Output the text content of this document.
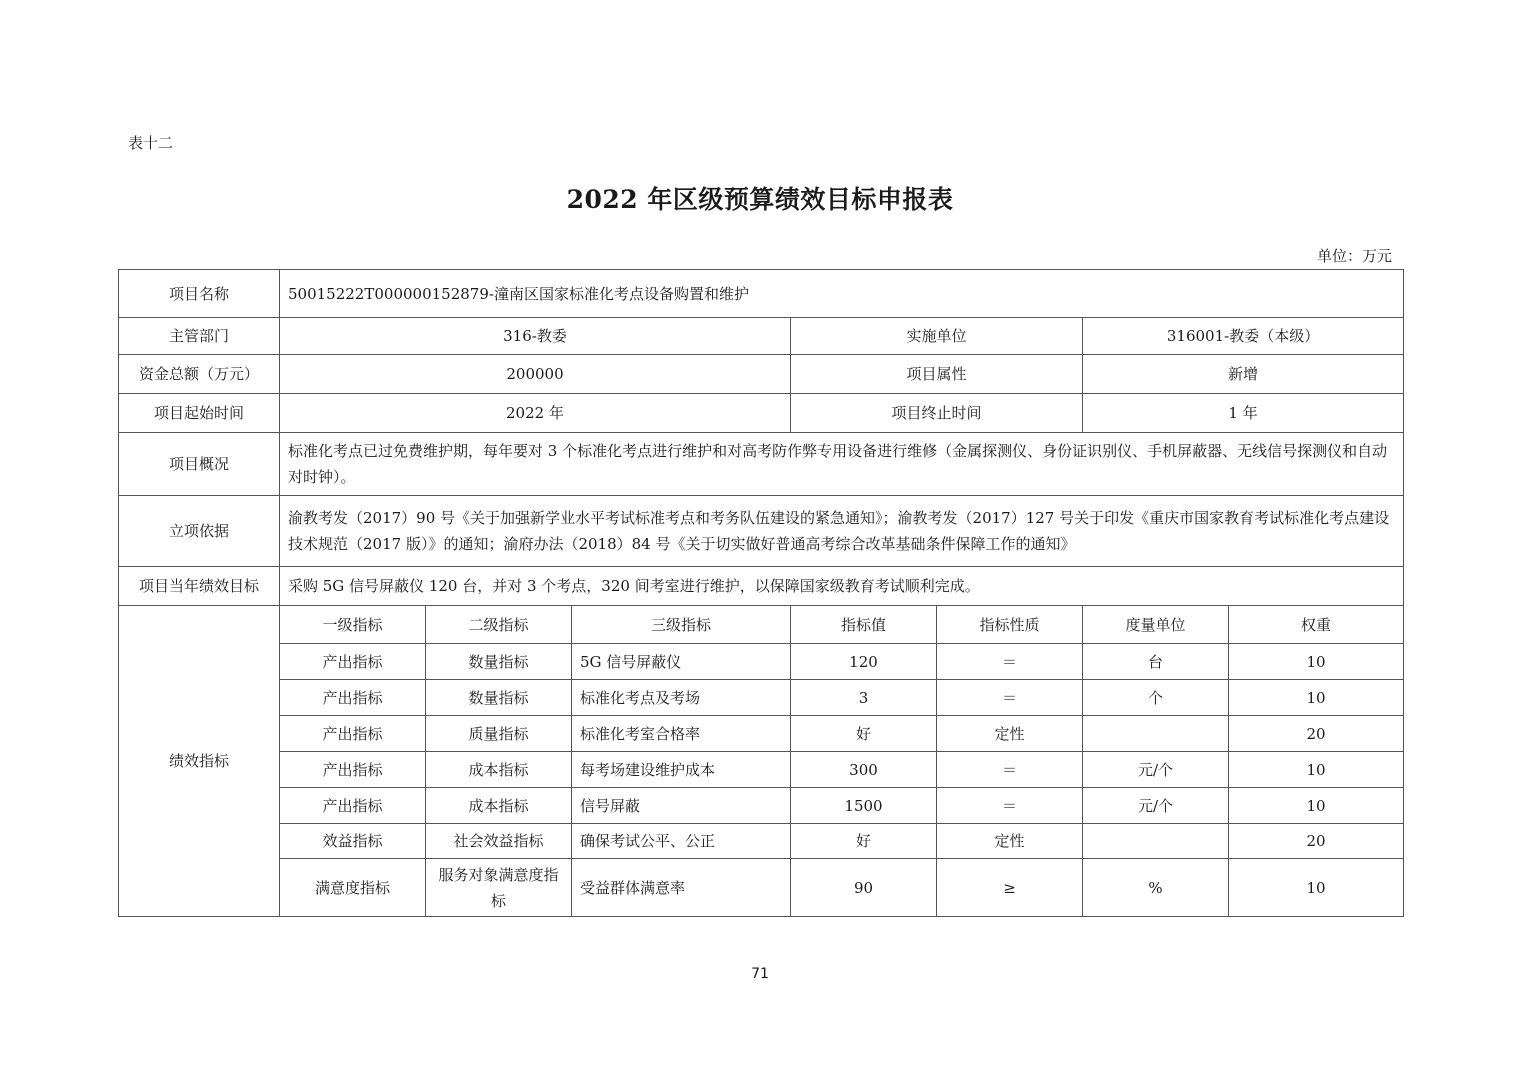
表十二
2022 年区级预算绩效目标申报表
单位：万元
项目名称	50015222T000000152879-潼南区国家标准化考点设备购置和维护						
主管部门	316-教委			实施单位		316001-教委（本级）	
资金总额（万元）	200000			项目属性		新增	
项目起始时间	2022 年			项目终止时间		1 年	
项目概况	标准化考点已过免费维护期，每年要对 3 个标准化考点进行维护和对高考防作弊专用设备进行维修（金属探测仪、身份证识别仪、手机屏蔽器、无线信号探测仪和自动对时钟）。						
立项依据	渝教考发（2017）90 号《关于加强新学业水平考试标准考点和考务队伍建设的紧急通知》；渝教考发（2017）127 号关于印发《重庆市国家教育考试标准化考点建设技术规范（2017 版）》的通知；渝府办法（2018）84 号《关于切实做好普通高考综合改革基础条件保障工作的通知》						
项目当年绩效目标	采购 5G 信号屏蔽仪 120 台，并对 3 个考点，320 间考室进行维护，以保障国家级教育考试顺利完成。						
绩效指标	一级指标	二级指标	三级指标	指标值	指标性质	度量单位	权重
	产出指标	数量指标	5G 信号屏蔽仪	120	＝	台	10
	产出指标	数量指标	标准化考点及考场	3	＝	个	10
	产出指标	质量指标	标准化考室合格率	好	定性		20
	产出指标	成本指标	每考场建设维护成本	300	＝	元/个	10
	产出指标	成本指标	信号屏蔽	1500	＝	元/个	10
	效益指标	社会效益指标	确保考试公平、公正	好	定性		20
	满意度指标	服务对象满意度指标	受益群体满意率	90	≥	%	10
71
